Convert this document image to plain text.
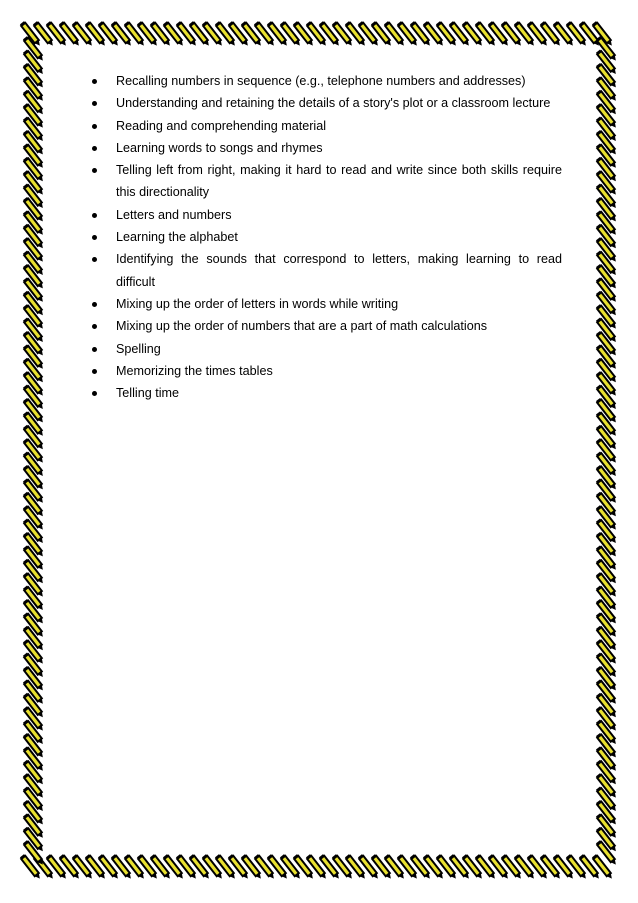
Recalling numbers in sequence (e.g., telephone numbers and addresses)
Understanding and retaining the details of a story's plot or a classroom lecture
Reading and comprehending material
Learning words to songs and rhymes
Telling left from right, making it hard to read and write since both skills require this directionality
Letters and numbers
Learning the alphabet
Identifying the sounds that correspond to letters, making learning to read difficult
Mixing up the order of letters in words while writing
Mixing up the order of numbers that are a part of math calculations
Spelling
Memorizing the times tables
Telling time
